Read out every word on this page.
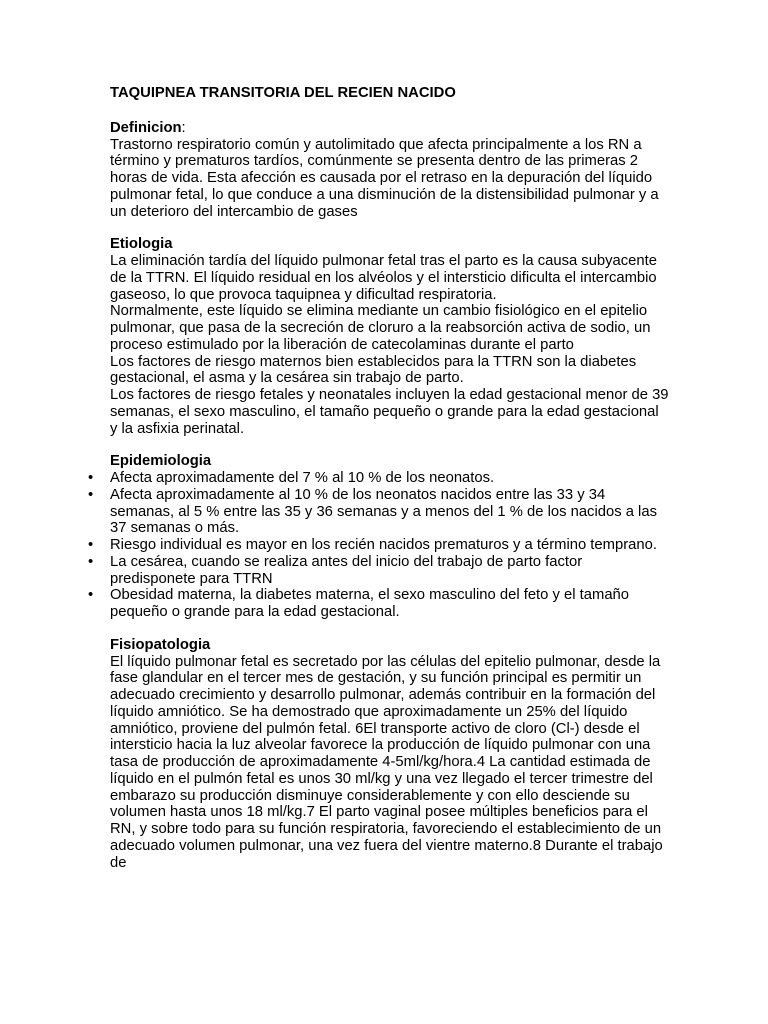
TAQUIPNEA TRANSITORIA DEL RECIEN NACIDO
Definicion:

Trastorno respiratorio común y autolimitado que afecta principalmente a los RN a término y prematuros tardíos, comúnmente se presenta dentro de las primeras 2 horas de vida. Esta afección es causada por el retraso en la depuración del líquido pulmonar fetal, lo que conduce a una disminución de la distensibilidad pulmonar y a un deterioro del intercambio de gases

Etiologia

La eliminación tardía del líquido pulmonar fetal tras el parto es la causa subyacente de la TTRN. El líquido residual en los alvéolos y el intersticio dificulta el intercambio gaseoso, lo que provoca taquipnea y dificultad respiratoria.

Normalmente, este líquido se elimina mediante un cambio fisiológico en el epitelio pulmonar, que pasa de la secreción de cloruro a la reabsorción activa de sodio, un proceso estimulado por la liberación de catecolaminas durante el parto

Los factores de riesgo maternos bien establecidos para la TTRN son la diabetes gestacional, el asma y la cesárea sin trabajo de parto.

Los factores de riesgo fetales y neonatales incluyen la edad gestacional menor de 39 semanas, el sexo masculino, el tamaño pequeño o grande para la edad gestacional y la asfixia perinatal.

Epidemiologia
• Afecta aproximadamente del 7 % al 10 % de los neonatos.
• Afecta aproximadamente al 10 % de los neonatos nacidos entre las 33 y 34 semanas, al 5 % entre las 35 y 36 semanas y a menos del 1 % de los nacidos a las 37 semanas o más.
• Riesgo individual es mayor en los recién nacidos prematuros y a término temprano.
• La cesárea, cuando se realiza antes del inicio del trabajo de parto factor predisponete para TTRN
• Obesidad materna, la diabetes materna, el sexo masculino del feto y el tamaño pequeño o grande para la edad gestacional.
Fisiopatologia

El líquido pulmonar fetal es secretado por las células del epitelio pulmonar, desde la fase glandular en el tercer mes de gestación, y su función principal es permitir un adecuado crecimiento y desarrollo pulmonar, además contribuir en la formación del líquido amniótico. Se ha demostrado que aproximadamente un 25% del líquido amniótico, proviene del pulmón fetal. 6El transporte activo de cloro (Cl-) desde el intersticio hacia la luz alveolar favorece la producción de líquido pulmonar con una tasa de producción de aproximadamente 4-5ml/kg/hora.4 La cantidad estimada de líquido en el pulmón fetal es unos 30 ml/kg y una vez llegado el tercer trimestre del embarazo su producción disminuye considerablemente y con ello desciende su volumen hasta unos 18 ml/kg.7 El parto vaginal posee múltiples beneficios para el RN, y sobre todo para su función respiratoria, favoreciendo el establecimiento de un adecuado volumen pulmonar, una vez fuera del vientre materno.8 Durante el trabajo de
